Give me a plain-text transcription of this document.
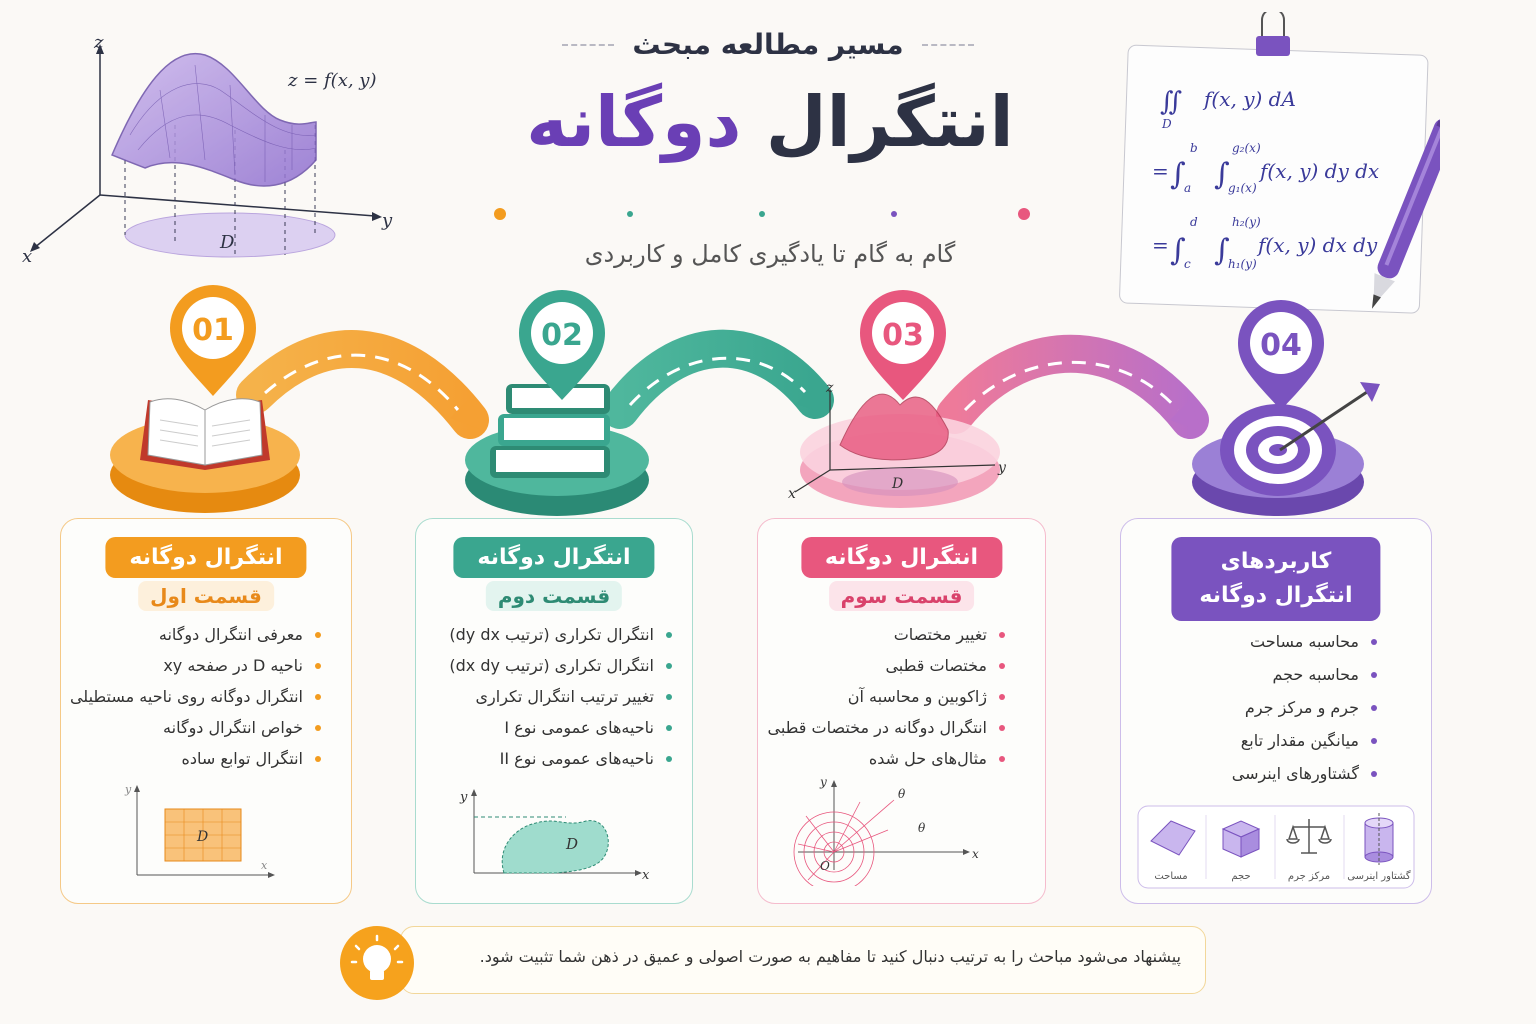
z
y
x
D
z = f(x, y)
مسیر مطالعه مبحث
انتگرال دوگانه
گام به گام تا یادگیری کامل و کاربردی
∬
D
f(x, y) dA
= ∫
b
a ∫
g₂(x)
g₁(x)
f(x, y) dy dx
= ∫
d
c ∫
h₂(y)
h₁(y)
f(x, y) dx dy
01	02
z
y
x
D
03	04
انتگرال دوگانه
قسمت اول
معرفی انتگرال دوگانه
ناحیه D در صفحه xy
انتگرال دوگانه روی ناحیه مستطیلی
خواص انتگرال دوگانه
انتگرال توابع ساده
D
y
x
انتگرال دوگانه
قسمت دوم
انتگرال تکراری (ترتیب dy dx)
انتگرال تکراری (ترتیب dx dy)
تغییر ترتیب انتگرال تکراری
ناحیه‌های عمومی نوع I
ناحیه‌های عمومی نوع II
D
y
x
انتگرال دوگانه
قسمت سوم
تغییر مختصات
مختصات قطبی
ژاکوبین و محاسبه آن
انتگرال دوگانه در مختصات قطبی
مثال‌های حل شده
θ
θ
O
y
x
کاربردهای
انتگرال دوگانه
محاسبه مساحت
محاسبه حجم
جرم و مرکز جرم
میانگین مقدار تابع
گشتاورهای اینرسی
مساحت	حجم	مرکز جرم گشتاور اینرسی
پیشنهاد می‌شود مباحث را به ترتیب دنبال کنید تا مفاهیم به صورت اصولی و عمیق در ذهن شما تثبیت شود.
